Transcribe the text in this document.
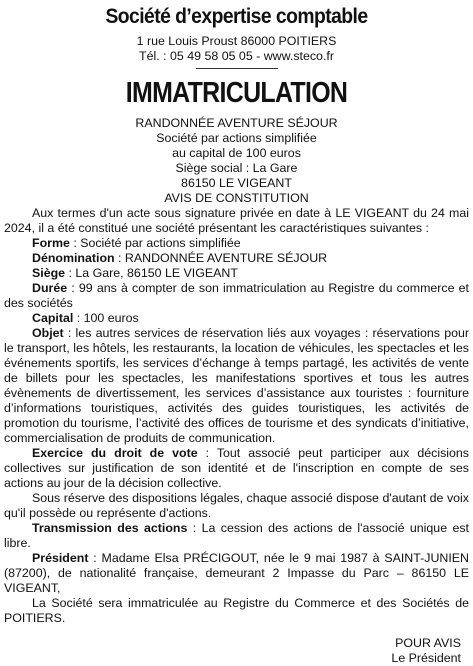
Société d’expertise comptable
1 rue Louis Proust 86000 POITIERS
Tél. : 05 49 58 05 05 - www.steco.fr
IMMATRICULATION
RANDONNÉE AVENTURE SÉJOUR
Société par actions simplifiée
au capital de 100 euros
Siège social : La Gare
86150 LE VIGEANT
AVIS DE CONSTITUTION

Aux termes d'un acte sous signature privée en date à LE VIGEANT du 24 mai 2024, il a été constitué une société présentant les caractéristiques suivantes :

Forme : Société par actions simplifiée

Dénomination : RANDONNÉE AVENTURE SÉJOUR

Siège : La Gare, 86150 LE VIGEANT

Durée : 99 ans à compter de son immatriculation au Registre du commerce et des sociétés

Capital : 100 euros

Objet : les autres services de réservation liés aux voyages : réservations pour le transport, les hôtels, les restaurants, la location de véhicules, les spectacles et les événements sportifs, les services d’échange à temps partagé, les activités de vente de billets pour les spectacles, les manifestations sportives et tous les autres évènements de divertissement, les services d’assistance aux touristes : fourniture d’informations touristiques, activités des guides touristiques, les activités de promotion du tourisme, l’activité des offices de tourisme et des syndicats d’initiative, commercialisation de produits de communication.

Exercice du droit de vote : Tout associé peut participer aux décisions collectives sur justification de son identité et de l'inscription en compte de ses actions au jour de la décision collective.

Sous réserve des dispositions légales, chaque associé dispose d'autant de voix qu'il possède ou représente d'actions.

Transmission des actions : La cession des actions de l'associé unique est libre.

Président : Madame Elsa PRÉCIGOUT, née le 9 mai 1987 à SAINT-JUNIEN (87200), de nationalité française, demeurant 2 Impasse du Parc – 86150 LE VIGEANT,

La Société sera immatriculée au Registre du Commerce et des Sociétés de POITIERS.

POUR AVIS
Le Président
